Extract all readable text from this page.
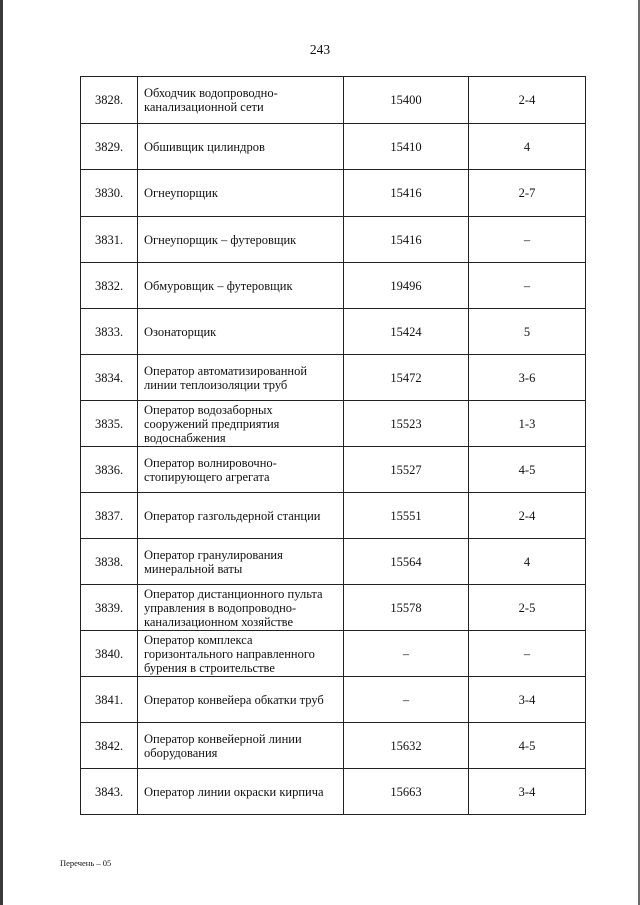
243
3828.	Обходчик водопроводно-канализационной сети	15400	2-4
3829.	Обшивщик цилиндров	15410	4
3830.	Огнеупорщик	15416	2-7
3831.	Огнеупорщик – футеровщик	15416	–
3832.	Обмуровщик – футеровщик	19496	–
3833.	Озонаторщик	15424	5
3834.	Оператор автоматизированной линии теплоизоляции труб	15472	3-6
3835.	Оператор водозаборных сооружений предприятия водоснабжения	15523	1-3
3836.	Оператор волнировочно-стопирующего агрегата	15527	4-5
3837.	Оператор газгольдерной станции	15551	2-4
3838.	Оператор гранулирования минеральной ваты	15564	4
3839.	Оператор дистанционного пульта управления в водопроводно-канализационном хозяйстве	15578	2-5
3840.	Оператор комплекса горизонтального направленного бурения в строительстве	–	–
3841.	Оператор конвейера обкатки труб	–	3-4
3842.	Оператор конвейерной линии оборудования	15632	4-5
3843.	Оператор линии окраски кирпича	15663	3-4
Перечень – 05
